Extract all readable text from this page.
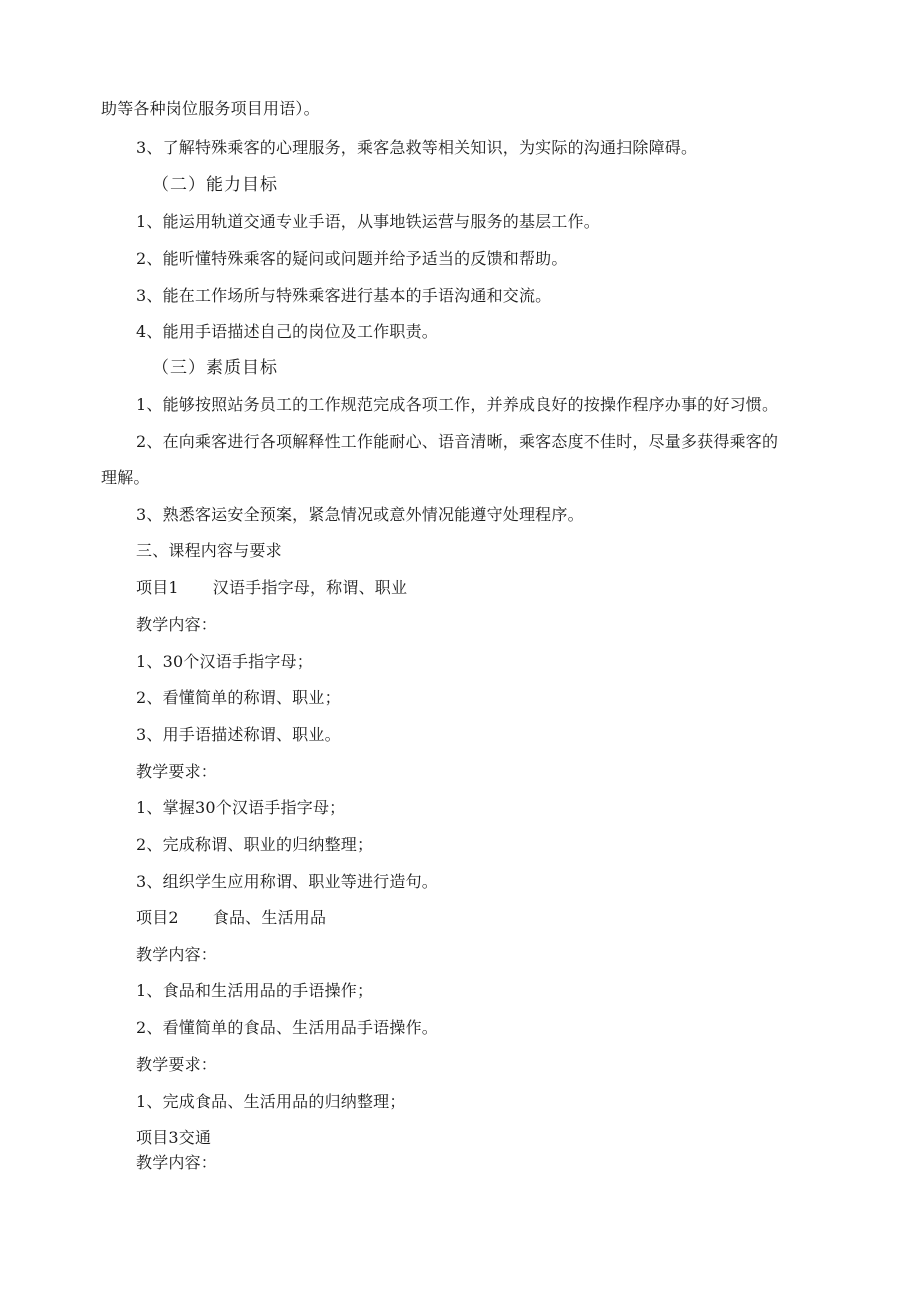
助等各种岗位服务项目用语）。
3、了解特殊乘客的心理服务，乘客急救等相关知识，为实际的沟通扫除障碍。
（二）能力目标
1、能运用轨道交通专业手语，从事地铁运营与服务的基层工作。
2、能听懂特殊乘客的疑问或问题并给予适当的反馈和帮助。
3、能在工作场所与特殊乘客进行基本的手语沟通和交流。
4、能用手语描述自己的岗位及工作职责。
（三）素质目标
1、能够按照站务员工的工作规范完成各项工作，并养成良好的按操作程序办事的好习惯。
2、在向乘客进行各项解释性工作能耐心、语音清晰，乘客态度不佳时，尽量多获得乘客的
理解。
3、熟悉客运安全预案，紧急情况或意外情况能遵守处理程序。
三、课程内容与要求
项目1 汉语手指字母，称谓、职业
教学内容：
1、30个汉语手指字母；
2、看懂简单的称谓、职业；
3、用手语描述称谓、职业。
教学要求：
1、掌握30个汉语手指字母；
2、完成称谓、职业的归纳整理；
3、组织学生应用称谓、职业等进行造句。
项目2 食品、生活用品
教学内容：
1、食品和生活用品的手语操作；
2、看懂简单的食品、生活用品手语操作。
教学要求：
1、完成食品、生活用品的归纳整理；
项目3交通
教学内容：
